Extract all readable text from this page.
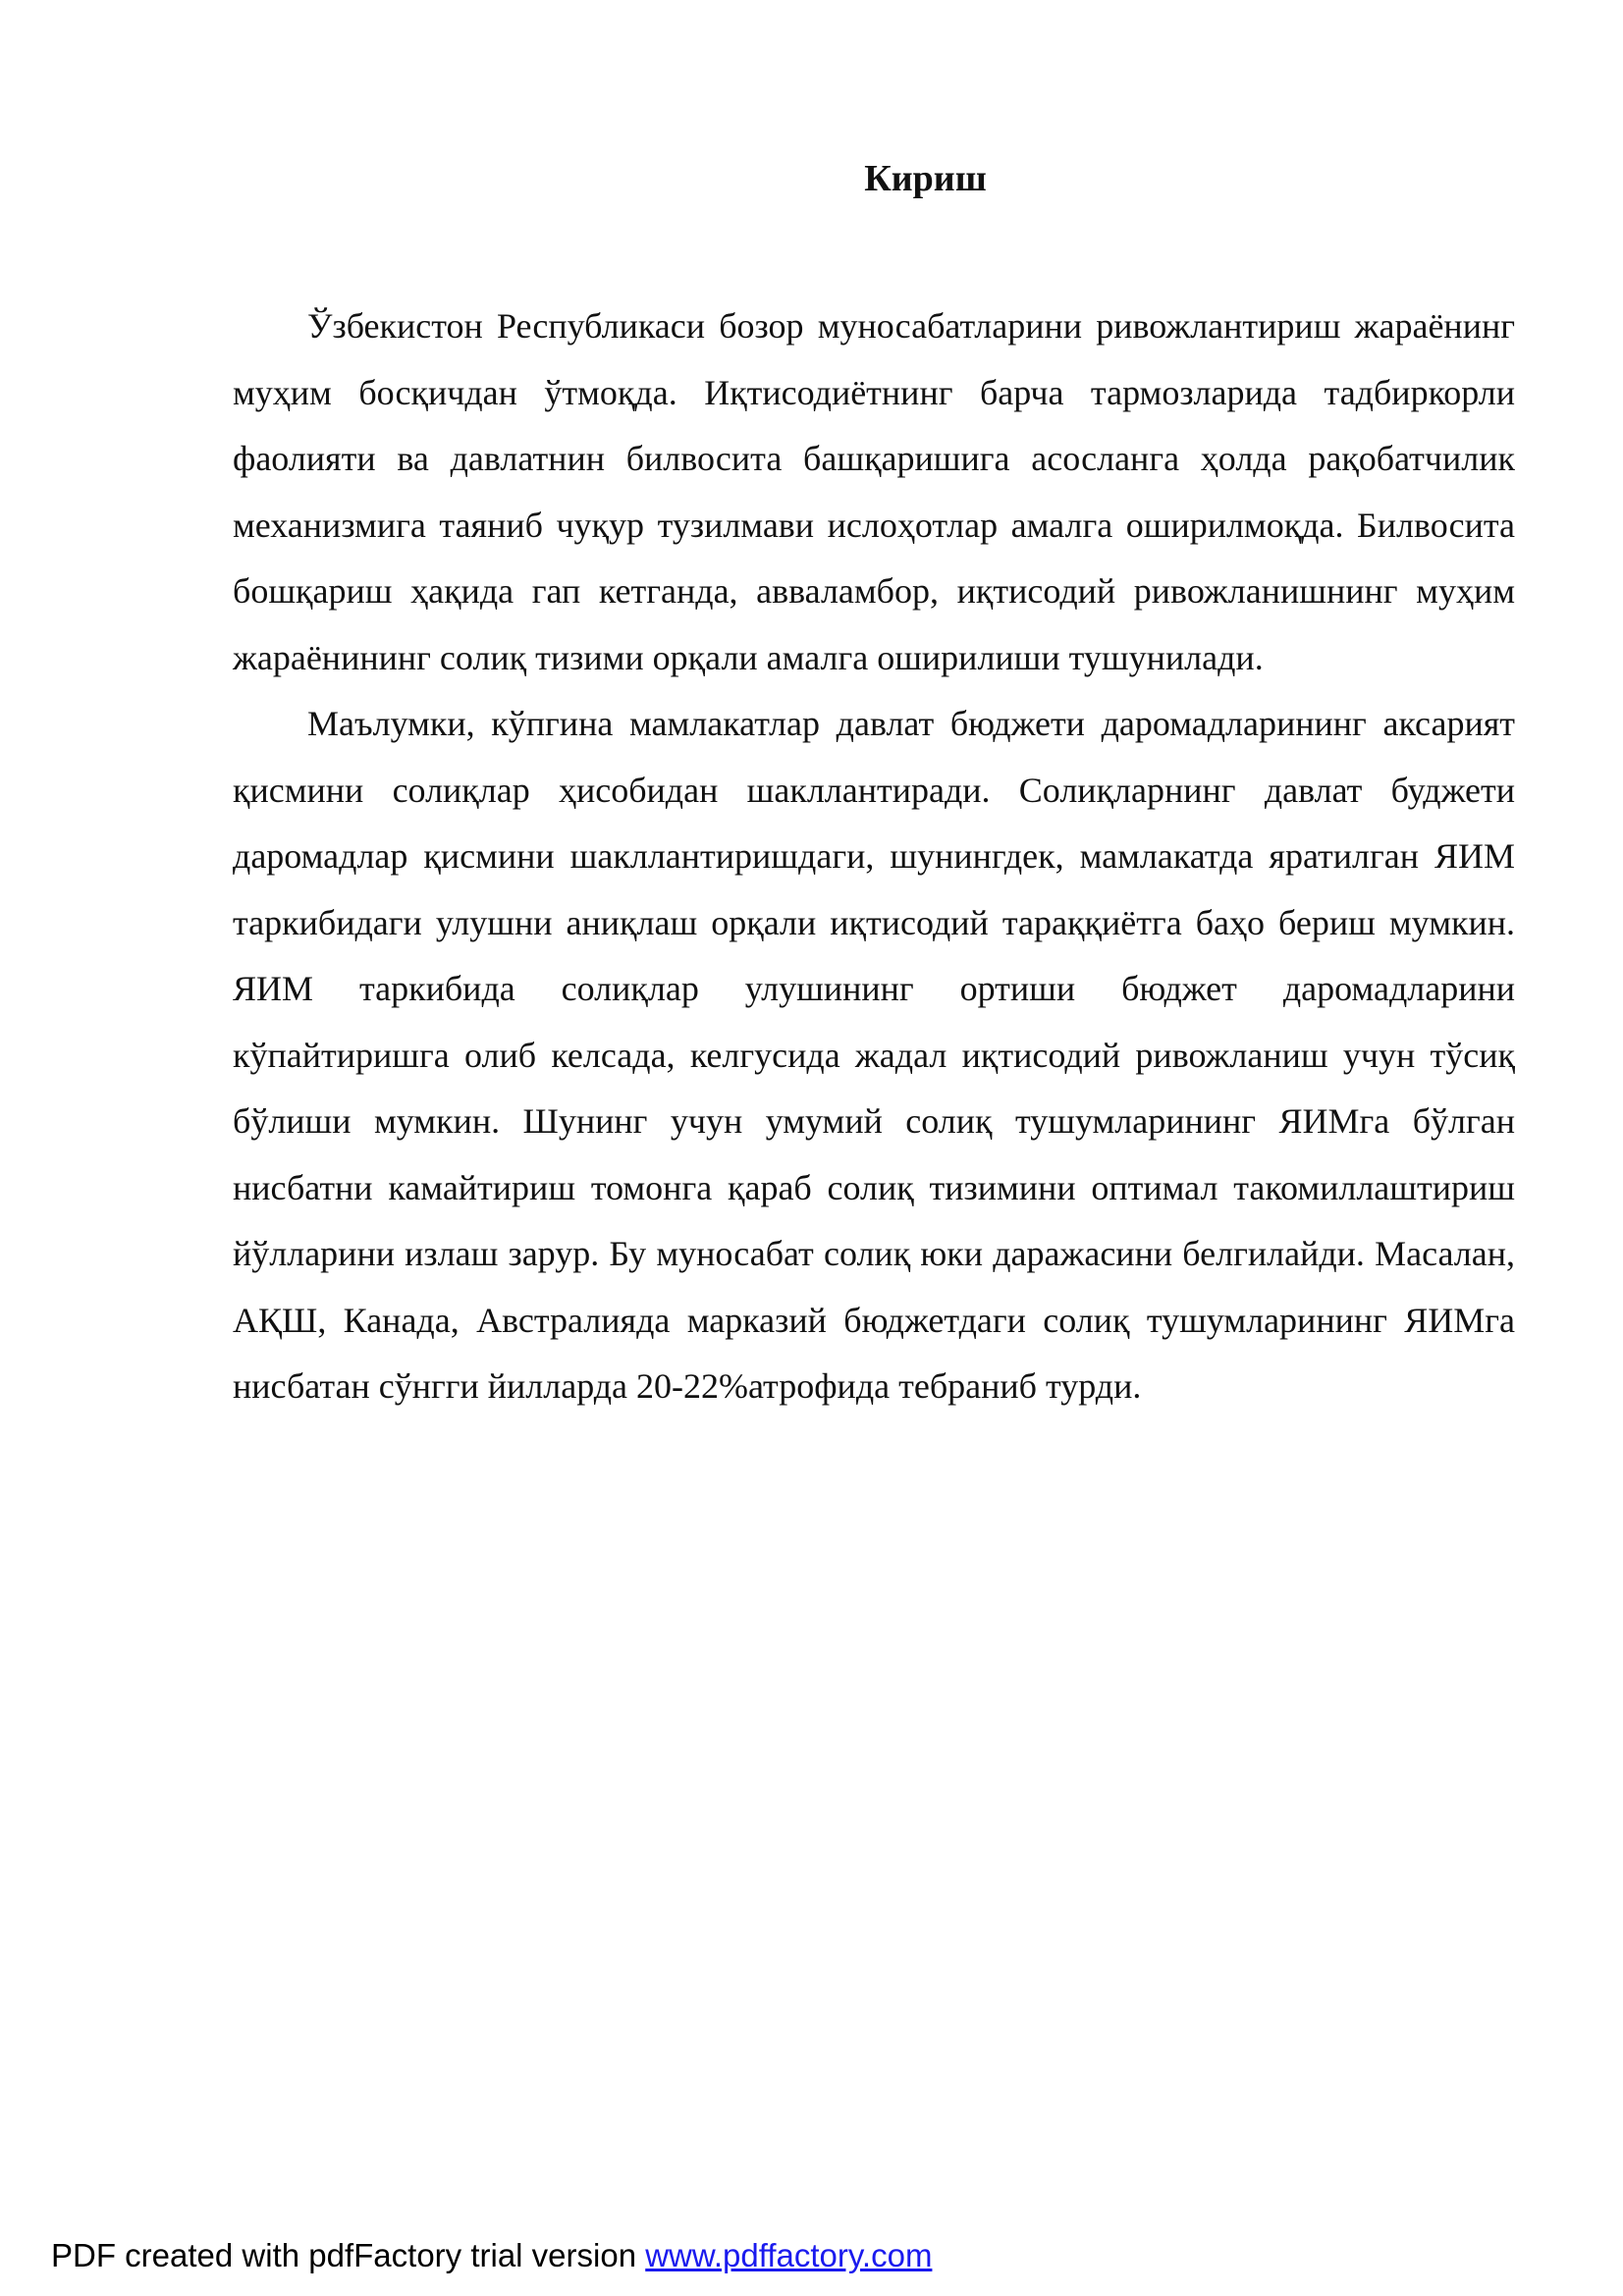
Кириш

Ўзбекистон Республикаси бозор муносабатларини ривожлантириш жараёнинг муҳим босқичдан ўтмоқда. Иқтисодиётнинг барча тармозларида тадбиркорли фаолияти ва давлатнин билвосита башқаришига асосланга ҳолда рақобатчилик механизмига таяниб чуқур тузилмави ислоҳотлар амалга оширилмоқда. Билвосита бошқариш ҳақида гап кетганда, авваламбор, иқтисодий ривожланишнинг муҳим жараёнининг солиқ тизими орқали амалга оширилиши тушунилади.

Маълумки, кўпгина мамлакатлар давлат бюджети даромадларининг аксарият қисмини солиқлар ҳисобидан шакллантиради. Солиқларнинг давлат буджети даромадлар қисмини шакллантиришдаги, шунингдек, мамлакатда яратилган ЯИМ таркибидаги улушни аниқлаш орқали иқтисодий тараққиётга баҳо бериш мумкин. ЯИМ таркибида солиқлар улушининг ортиши бюджет даромадларини кўпайтиришга олиб келсада, келгусида жадал иқтисодий ривожланиш учун тўсиқ бўлиши мумкин. Шунинг учун умумий солиқ тушумларининг ЯИМга бўлган нисбатни камайтириш томонга қараб солиқ тизимини оптимал такомиллаштириш йўлларини излаш зарур. Бу муносабат солиқ юки даражасини белгилайди. Масалан, АҚШ, Канада, Австралияда марказий бюджетдаги солиқ тушумларининг ЯИМга нисбатан сўнгги йилларда 20-22%атрофида тебраниб турди.

PDF created with pdfFactory trial version www.pdffactory.com
